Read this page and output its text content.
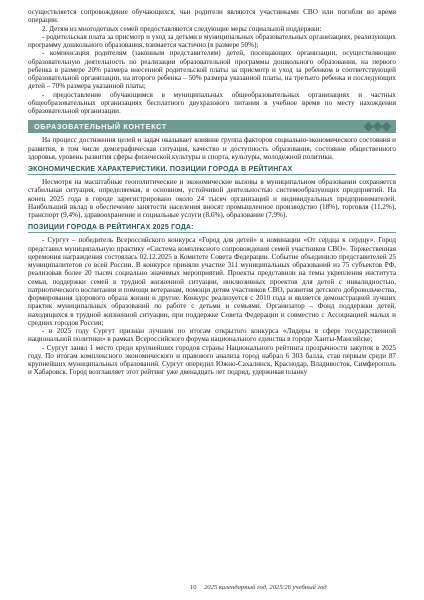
осуществляется сопровождение обучающихся, чьи родители являются участниками СВО или погибли во время операции.

2. Детям из многодетных семей предоставляются следующие меры социальной поддержки:

- родительская плата за присмотр и уход за детьми в муниципальных образовательных организациях, реализующих программу дошкольного образования, взимается частично (в размере 50%);

- компенсация родителям (законным представителям) детей, посещающих организации, осуществляющие образовательную деятельность по реализации образовательной программы дошкольного образования, на первого ребенка в размере 20% размера внесенной родительской платы за присмотр и уход за ребенком в соответствующей образовательной организации, на второго ребенка – 50% размера указанной платы, на третьего ребенка и последующих детей – 70% размера указанной платы;

- предоставление обучающимся в муниципальных общеобразовательных организациях и частных общеобразовательных организациях бесплатного двухразового питания в учебное время по месту нахождения образовательной организации.

ОБРАЗОВАТЕЛЬНЫЙ КОНТЕКСТ

На процесс достижения целей и задач оказывает влияние группа факторов социально-экономического состояния и развития, в том числе демографическая ситуация, качество и доступность образования, состояние общественного здоровья, уровень развития сферы физической культуры и спорта, культуры, молодежной политики.

ЭКОНОМИЧЕСКИЕ ХАРАКТЕРИСТИКИ. ПОЗИЦИИ ГОРОДА В РЕЙТИНГАХ

Несмотря на масштабные геополитические и экономические вызовы в муниципальном образовании сохраняется стабильная ситуация, определяемая, в основном, устойчивой деятельностью системообразующих предприятий. На конец 2025 года в городе зарегистрировано около 24 тысяч организаций и индивидуальных предпринимателей. Наибольший вклад в обеспечение занятости населения вносят промышленное производство (18%), торговля (11,2%), транспорт (9,4%), здравоохранение и социальные услуги (8,6%), образование (7,9%).

ПОЗИЦИИ ГОРОДА В РЕЙТИНГАХ 2025 ГОДА:

- Сургут – победитель Всероссийского конкурса «Город для детей» в номинации «От сердца к сердцу». Город представил муниципальную практику «Система комплексного сопровождения семей участников СВО». Торжественная церемония награждения состоялась 02.12.2025 в Комитете Совета Федерации. Событие объединило представителей 25 муниципалитетов со всей России. В конкурсе приняли участие 311 муниципальных образований из 75 субъектов РФ, реализовав более 20 тысяч социально значимых мероприятий. Проекты представили на темы укрепления института семьи, поддержки семей в трудной жизненной ситуации, инклюзивных проектов для детей с инвалидностью, патриотического воспитания и помощи ветеранам, помощи детям участников СВО, развития детского добровольчества, формирования здорового образа жизни и другие. Конкурс реализуется с 2010 года и является демонстрацией лучших практик муниципальных образований по работе с детьми и семьями. Организатор – Фонд поддержки детей, находящихся в трудной жизненной ситуации, при поддержке Совета Федерации и совместно с Ассоциацией малых и средних городов России;

- в 2025 году Сургут признан лучшим по итогам открытого конкурса «Лидеры в сфере государственной национальной политики» в рамках Всероссийского форума национального единства в городе Ханты-Мансийске;

- Сургут занял 1 место среди крупнейших городов страны Национального рейтинга прозрачности закупок в 2025 году. По итогам комплексного экономического и правового анализа город набрал 6 303 балла, став первым среди 87 крупнейших муниципальных образований. Сургут опередил Южно-Сахалинск, Краснодар, Владивосток, Симферополь и Хабаровск. Город возглавляет этот рейтинг уже двенадцать лет подряд, удерживая планку

10 2025 календарный год, 2025/26 учебный год
